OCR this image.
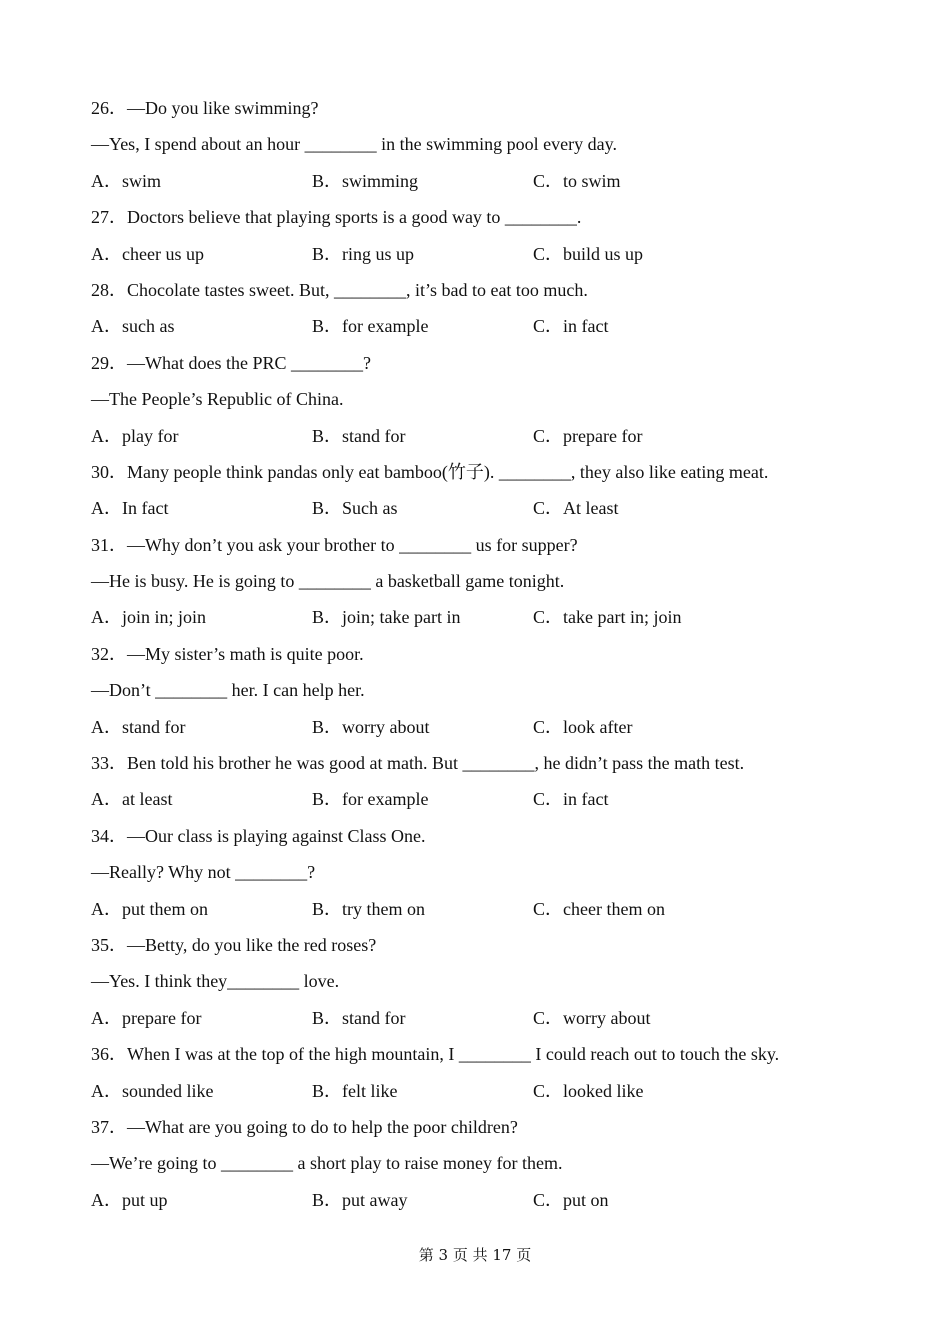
26．—Do you like swimming?
—Yes, I spend about an hour ________ in the swimming pool every day.
A．swim	B．swimming	C．to swim
27．Doctors believe that playing sports is a good way to ________.
A．cheer us up	B．ring us up	C．build us up
28．Chocolate tastes sweet. But, ________, it’s bad to eat too much.
A．such as	B．for example	C．in fact
29．—What does the PRC ________?
—The People’s Republic of China.
A．play for	B．stand for	C．prepare for
30．Many people think pandas only eat bamboo(竹子). ________, they also like eating meat.
A．In fact	B．Such as	C．At least
31．—Why don’t you ask your brother to ________ us for supper?
—He is busy. He is going to ________ a basketball game tonight.
A．join in; join	B．join; take part in	C．take part in; join
32．—My sister’s math is quite poor.
—Don’t ________ her. I can help her.
A．stand for	B．worry about	C．look after
33．Ben told his brother he was good at math. But ________, he didn’t pass the math test.
A．at least	B．for example	C．in fact
34．—Our class is playing against Class One.
—Really? Why not ________?
A．put them on	B．try them on	C．cheer them on
35．—Betty, do you like the red roses?
—Yes. I think they________ love.
A．prepare for	B．stand for	C．worry about
36．When I was at the top of the high mountain, I ________ I could reach out to touch the sky.
A．sounded like	B．felt like	C．looked like
37．—What are you going to do to help the poor children?
—We’re going to ________ a short play to raise money for them.
A．put up	B．put away	C．put on
第 3 页 共 17 页
